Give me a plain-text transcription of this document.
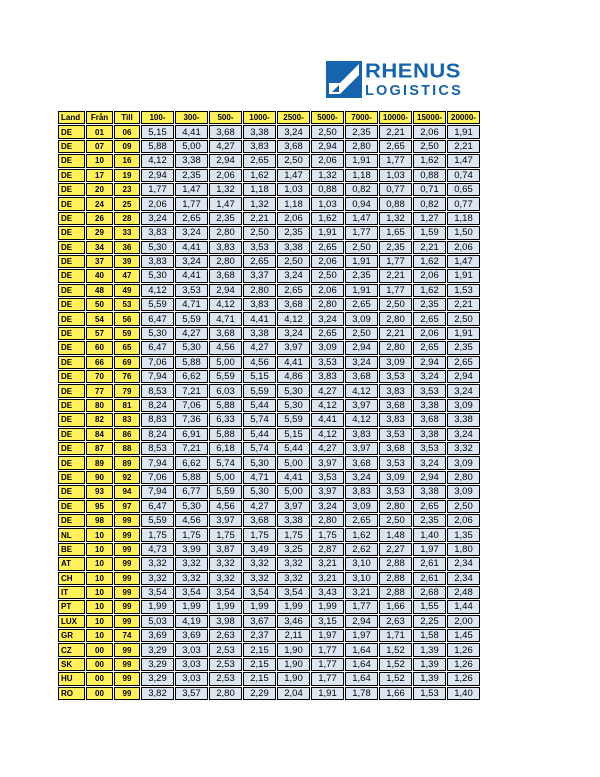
RHENUS
LOGISTICS
Land	Från	Till	100-	300-	500-	1000-	2500-	5000-	7000-	10000-	15000-	20000-
DE	01	06	5,15	4,41	3,68	3,38	3,24	2,50	2,35	2,21	2,06	1,91
DE	07	09	5,88	5,00	4,27	3,83	3,68	2,94	2,80	2,65	2,50	2,21
DE	10	16	4,12	3,38	2,94	2,65	2,50	2,06	1,91	1,77	1,62	1,47
DE	17	19	2,94	2,35	2,06	1,62	1,47	1,32	1,18	1,03	0,88	0,74
DE	20	23	1,77	1,47	1,32	1,18	1,03	0,88	0,82	0,77	0,71	0,65
DE	24	25	2,06	1,77	1,47	1,32	1,18	1,03	0,94	0,88	0,82	0,77
DE	26	28	3,24	2,65	2,35	2,21	2,06	1,62	1,47	1,32	1,27	1,18
DE	29	33	3,83	3,24	2,80	2,50	2,35	1,91	1,77	1,65	1,59	1,50
DE	34	36	5,30	4,41	3,83	3,53	3,38	2,65	2,50	2,35	2,21	2,06
DE	37	39	3,83	3,24	2,80	2,65	2,50	2,06	1,91	1,77	1,62	1,47
DE	40	47	5,30	4,41	3,68	3,37	3,24	2,50	2,35	2,21	2,06	1,91
DE	48	49	4,12	3,53	2,94	2,80	2,65	2,06	1,91	1,77	1,62	1,53
DE	50	53	5,59	4,71	4,12	3,83	3,68	2,80	2,65	2,50	2,35	2,21
DE	54	56	6,47	5,59	4,71	4,41	4,12	3,24	3,09	2,80	2,65	2,50
DE	57	59	5,30	4,27	3,68	3,38	3,24	2,65	2,50	2,21	2,06	1,91
DE	60	65	6,47	5,30	4,56	4,27	3,97	3,09	2,94	2,80	2,65	2,35
DE	66	69	7,06	5,88	5,00	4,56	4,41	3,53	3,24	3,09	2,94	2,65
DE	70	76	7,94	6,62	5,59	5,15	4,86	3,83	3,68	3,53	3,24	2,94
DE	77	79	8,53	7,21	6,03	5,59	5,30	4,27	4,12	3,83	3,53	3,24
DE	80	81	8,24	7,06	5,88	5,44	5,30	4,12	3,97	3,68	3,38	3,09
DE	82	83	8,83	7,36	6,33	5,74	5,59	4,41	4,12	3,83	3,68	3,38
DE	84	86	8,24	6,91	5,88	5,44	5,15	4,12	3,83	3,53	3,38	3,24
DE	87	88	8,53	7,21	6,18	5,74	5,44	4,27	3,97	3,68	3,53	3,32
DE	89	89	7,94	6,62	5,74	5,30	5,00	3,97	3,68	3,53	3,24	3,09
DE	90	92	7,06	5,88	5,00	4,71	4,41	3,53	3,24	3,09	2,94	2,80
DE	93	94	7,94	6,77	5,59	5,30	5,00	3,97	3,83	3,53	3,38	3,09
DE	95	97	6,47	5,30	4,56	4,27	3,97	3,24	3,09	2,80	2,65	2,50
DE	98	99	5,59	4,56	3,97	3,68	3,38	2,80	2,65	2,50	2,35	2,06
NL	10	99	1,75	1,75	1,75	1,75	1,75	1,75	1,62	1,48	1,40	1,35
BE	10	99	4,73	3,99	3,87	3,49	3,25	2,87	2,62	2,27	1,97	1,80
AT	10	99	3,32	3,32	3,32	3,32	3,32	3,21	3,10	2,88	2,61	2,34
CH	10	99	3,32	3,32	3,32	3,32	3,32	3,21	3,10	2,88	2,61	2,34
IT	10	99	3,54	3,54	3,54	3,54	3,54	3,43	3,21	2,88	2,68	2,48
PT	10	99	1,99	1,99	1,99	1,99	1,99	1,99	1,77	1,66	1,55	1,44
LUX	10	99	5,03	4,19	3,98	3,67	3,46	3,15	2,94	2,63	2,25	2,00
GR	10	74	3,69	3,69	2,63	2,37	2,11	1,97	1,97	1,71	1,58	1,45
CZ	00	99	3,29	3,03	2,53	2,15	1,90	1,77	1,64	1,52	1,39	1,26
SK	00	99	3,29	3,03	2,53	2,15	1,90	1,77	1,64	1,52	1,39	1,26
HU	00	99	3,29	3,03	2,53	2,15	1,90	1,77	1,64	1,52	1,39	1,26
RO	00	99	3,82	3,57	2,80	2,29	2,04	1,91	1,78	1,66	1,53	1,40
